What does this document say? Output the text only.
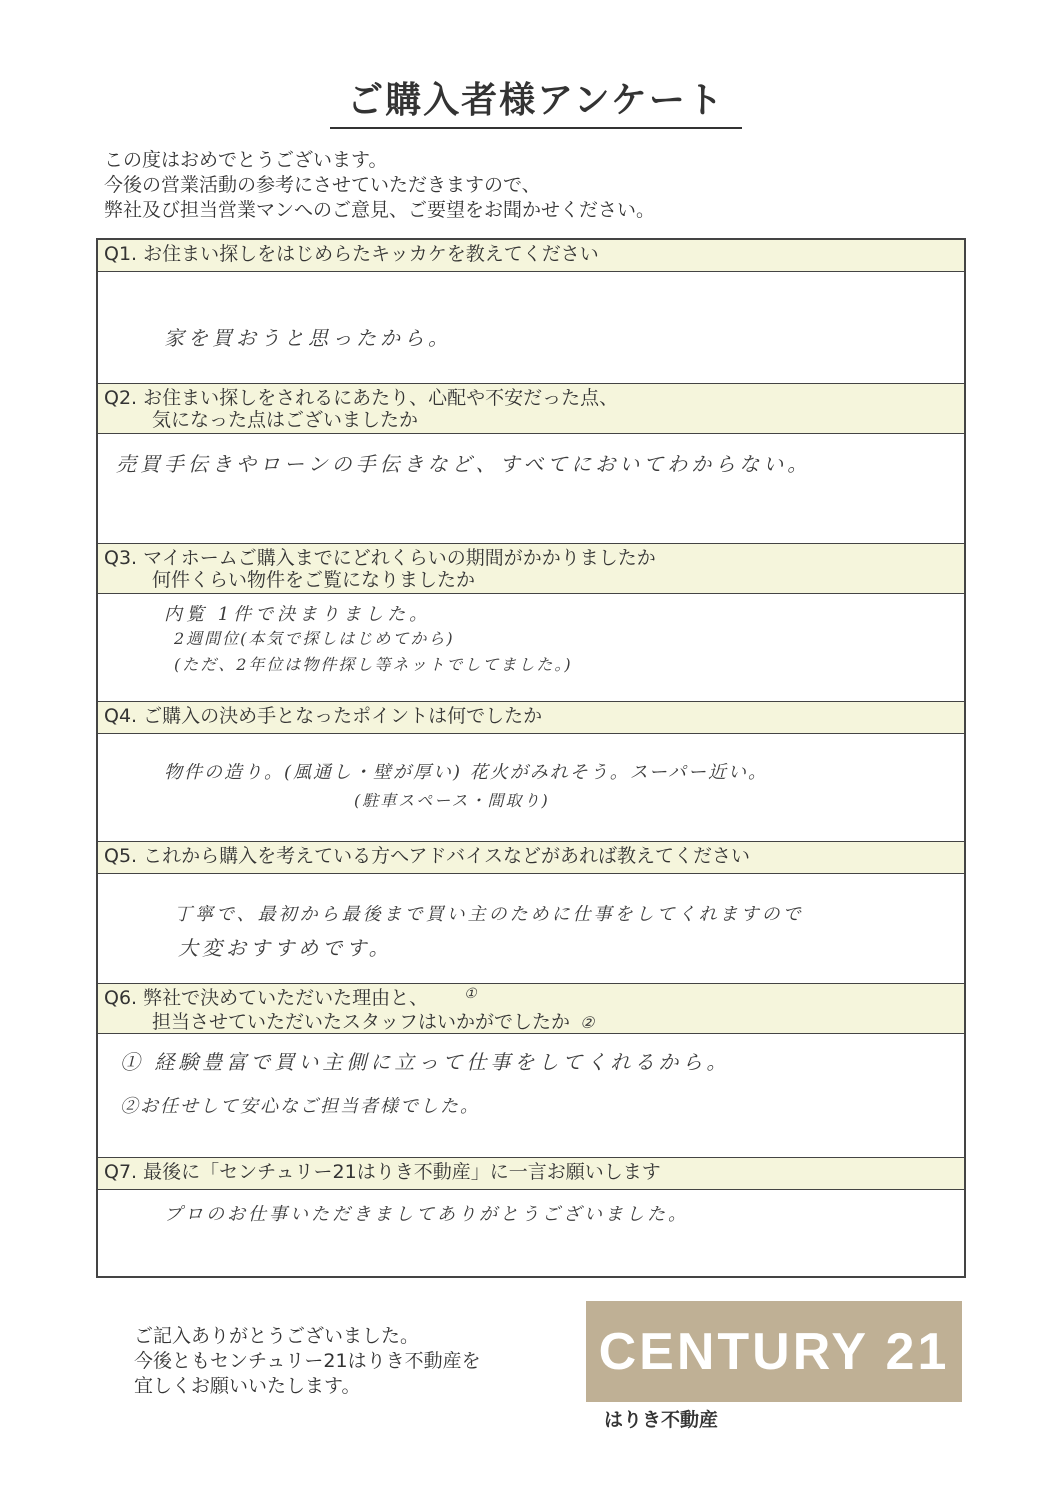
ご購入者様アンケート
この度はおめでとうございます。
今後の営業活動の参考にさせていただきますので、
弊社及び担当営業マンへのご意見、ご要望をお聞かせください。
Q1. お住まい探しをはじめらたキッカケを教えてください
家を買おうと思ったから。
Q2. お住まい探しをされるにあたり、心配や不安だった点、
気になった点はございましたか
売買手伝きやローンの手伝きなど、すべてにおいてわからない。
Q3. マイホームご購入までにどれくらいの期間がかかりましたか
何件くらい物件をご覧になりましたか
内覧 1件で決まりました。
2週間位(本気で探しはじめてから)
(ただ、2年位は物件探し等ネットでしてました。)
Q4. ご購入の決め手となったポイントは何でしたか
物件の造り。(風通し・壁が厚い) 花火がみれそう。スーパー近い。
(駐車スペース・間取り)
Q5. これから購入を考えている方へアドバイスなどがあれば教えてください
丁寧で、最初から最後まで買い主のために仕事をしてくれますので
大変おすすめです。
Q6. 弊社で決めていただいた理由と、	①
担当させていただいたスタッフはいかがでしたか ②
① 経験豊富で買い主側に立って仕事をしてくれるから。
②お任せして安心なご担当者様でした。
Q7. 最後に「センチュリー21はりき不動産」に一言お願いします
プロのお仕事いただきましてありがとうございました。
ご記入ありがとうございました。
今後ともセンチュリー21はりき不動産を
宜しくお願いいたします。
CENTURY 21
はりき不動産
